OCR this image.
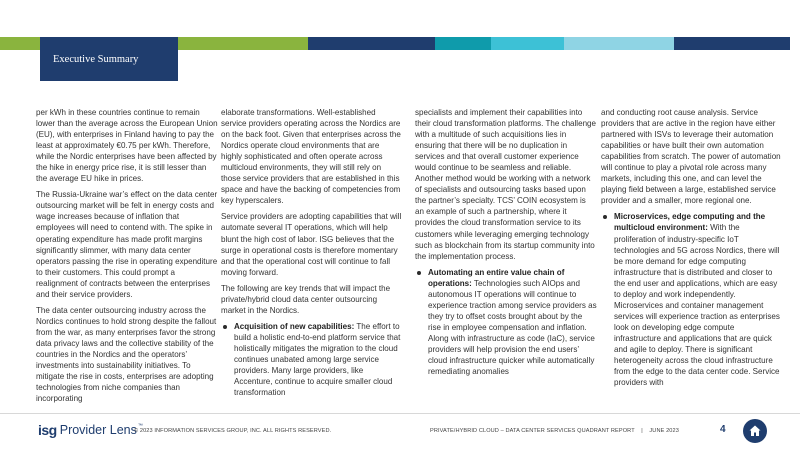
Executive Summary

per kWh in these countries continue to remain lower than the average across the European Union (EU), with enterprises in Finland having to pay the least at approximately €0.75 per kWh. Therefore, while the Nordic enterprises have been affected by the hike in energy price rise, it is still lesser than the average EU hike in prices.

The Russia-Ukraine war’s effect on the data center outsourcing market will be felt in energy costs and wage increases because of inflation that employees will need to contend with. The spike in operating expenditure has made profit margins significantly slimmer, with many data center operators passing the rise in operating expenditure to their customers. This could prompt a realignment of contracts between the enterprises and their service providers.

The data center outsourcing industry across the Nordics continues to hold strong despite the fallout from the war, as many enterprises favor the strong data privacy laws and the collective stability of the countries in the Nordics and the operators’ investments into sustainability initiatives. To mitigate the rise in costs, enterprises are adopting technologies from niche companies than incorporating

elaborate transformations. Well-established service providers operating across the Nordics are on the back foot. Given that enterprises across the Nordics operate cloud environments that are highly sophisticated and often operate across multicloud environments, they will still rely on those service providers that are established in this space and have the backing of competencies from key hyperscalers.

Service providers are adopting capabilities that will automate several IT operations, which will help blunt the high cost of labor. ISG believes that the surge in operational costs is therefore momentary and that the operational cost will continue to fall moving forward.

The following are key trends that will impact the private/hybrid cloud data center outsourcing market in the Nordics.

Acquisition of new capabilities: The effort to build a holistic end-to-end platform service that holistically mitigates the migration to the cloud continues unabated among large service providers. Many large providers, like Accenture, continue to acquire smaller cloud transformation

specialists and implement their capabilities into their cloud transformation platforms. The challenge with a multitude of such acquisitions lies in ensuring that there will be no duplication in services and that overall customer experience would continue to be seamless and reliable. Another method would be working with a network of specialists and outsourcing tasks based upon the partner’s specialty. TCS’ COIN ecosystem is an example of such a partnership, where it provides the cloud transformation service to its customers while leveraging emerging technology such as blockchain from its startup community into the implementation process.

Automating an entire value chain of operations: Technologies such AIOps and autonomous IT operations will continue to experience traction among service providers as they try to offset costs brought about by the rise in employee compensation and inflation. Along with infrastructure as code (IaC), service providers will help provision the end users’ cloud infrastructure quicker while automatically remediating anomalies

and conducting root cause analysis. Service providers that are active in the region have either partnered with ISVs to leverage their automation capabilities or have built their own automation capabilities from scratch. The power of automation will continue to play a pivotal role across many markets, including this one, and can level the playing field between a large, established service provider and a smaller, more regional one.

Microservices, edge computing and the multicloud environment: With the proliferation of industry-specific IoT technologies and 5G across Nordics, there will be more demand for edge computing infrastructure that is distributed and closer to the end user and applications, which are easy to deploy and work independently. Microservices and container management services will experience traction as enterprises look on developing edge compute infrastructure and applications that are quick and agile to deploy. There is significant heterogeneity across the cloud infrastructure from the edge to the data center code. Service providers with
isg Provider Lens ™
© 2023 INFORMATION SERVICES GROUP, INC. ALL RIGHTS RESERVED.	PRIVATE/HYBRID CLOUD – DATA CENTER SERVICES QUADRANT REPORT    |    JUNE 2023	4
